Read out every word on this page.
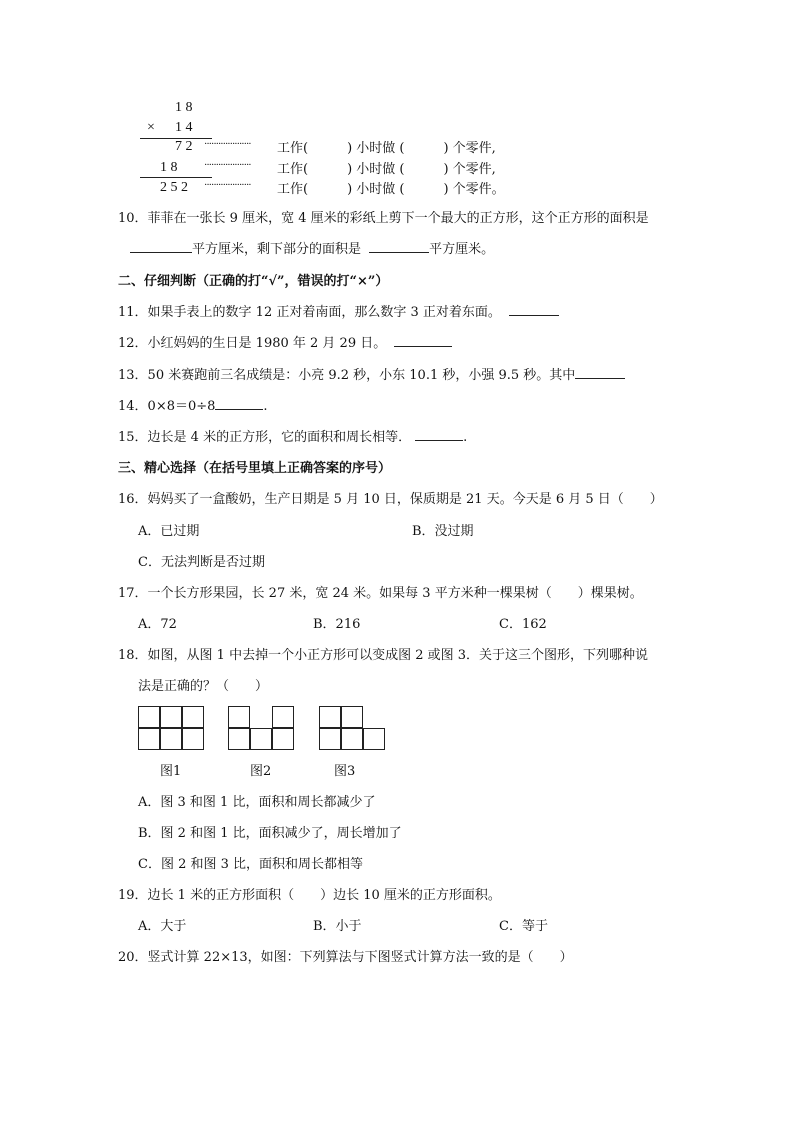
1 8
× 1 4
7 2 ···················· 工作(　　　) 小时做 (　　　) 个零件,
1 8	···················· 工作(　　　) 小时做 (　　　) 个零件,
2 5 2 ···················· 工作(　　　) 小时做 (　　　) 个零件。
10．菲菲在一张长 9 厘米，宽 4 厘米的彩纸上剪下一个最大的正方形，这个正方形的面积是
平方厘米，剩下部分的面积是	平方厘米。
二、仔细判断（正确的打“√”，错误的打“×”）
11．如果手表上的数字 12 正对着南面，那么数字 3 正对着东面。
12．小红妈妈的生日是 1980 年 2 月 29 日。
13．50 米赛跑前三名成绩是：小亮 9.2 秒，小东 10.1 秒，小强 9.5 秒。其中
14．0×8＝0÷8	.
15．边长是 4 米的正方形，它的面积和周长相等．	.
三、精心选择（在括号里填上正确答案的序号）
16．妈妈买了一盒酸奶，生产日期是 5 月 10 日，保质期是 21 天。今天是 6 月 5 日（　　）
A．已过期	B．没过期
C．无法判断是否过期
17．一个长方形果园，长 27 米，宽 24 米。如果每 3 平方米种一棵果树（　　）棵果树。
A．72	B．216	C．162
18．如图，从图 1 中去掉一个小正方形可以变成图 2 或图 3．关于这三个图形，下列哪种说
法是正确的？（　　）
图1	图2	图3
A．图 3 和图 1 比，面积和周长都减少了
B．图 2 和图 1 比，面积减少了，周长增加了
C．图 2 和图 3 比，面积和周长都相等
19．边长 1 米的正方形面积（　　）边长 10 厘米的正方形面积。
A．大于	B．小于	C．等于
20．竖式计算 22×13，如图：下列算法与下图竖式计算方法一致的是（　　）
